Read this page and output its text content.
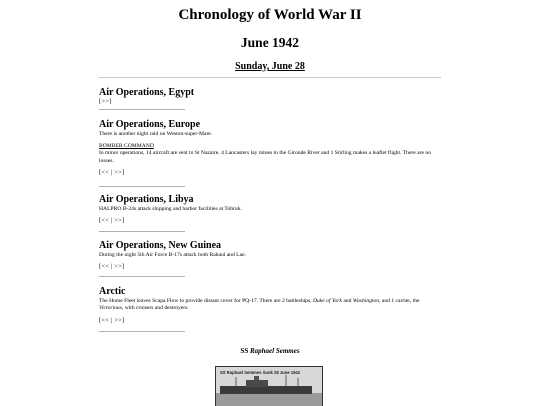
Chronology of World War II
June 1942
Sunday, June 28
Air Operations, Egypt
[>>]
Air Operations, Europe
There is another night raid on Weston-super-Mare.
BOMBER COMMAND
In minor operations, 14 aircraft are sent to St Nazaire, 4 Lancasters lay mines in the Gironde River and 1 Stirling makes a leaflet flight. There are no losses.
[<< | >>]
Air Operations, Libya
HALPRO B-24s attack shipping and harbor facilities at Tobruk.
[<< | >>]
Air Operations, New Guinea
During the night 5th Air Force B-17s attack both Rabaul and Lae.
[<< | >>]
Arctic
The Home Fleet leaves Scapa Flow to provide distant cover for PQ-17. There are 2 battleships, Duke of York and Washington, and 1 carrier, the Victorious, with cruisers and destroyers.
[<< | >>]
SS Raphael Semmes
SS Raphael Semmes Sunk 28 June 1942
